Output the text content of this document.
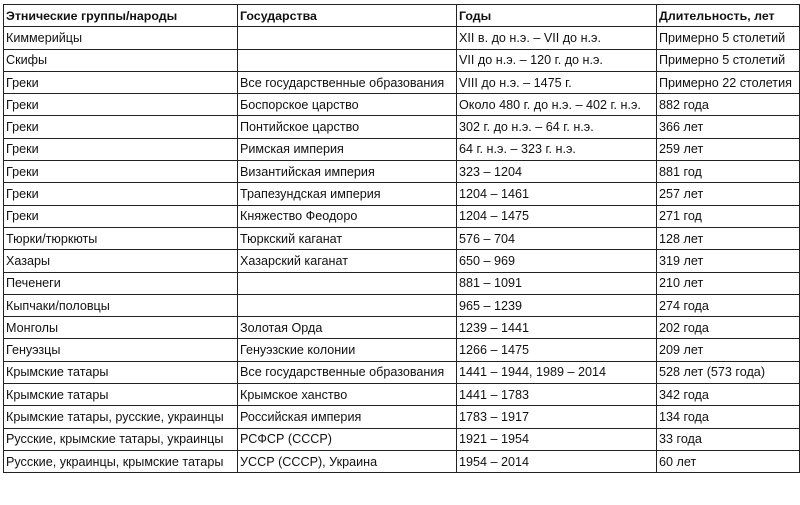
Этнические группы/народы	Государства	Годы	Длительность, лет
Киммерийцы		XII в. до н.э. – VII до н.э.	Примерно 5 столетий
Скифы		VII до н.э. – 120 г. до н.э.	Примерно 5 столетий
Греки	Все государственные образования	VIII до н.э. – 1475 г.	Примерно 22 столетия
Греки	Боспорское царство	Около 480 г. до н.э. – 402 г. н.э.	882 года
Греки	Понтийское царство	302 г. до н.э. – 64 г. н.э.	366 лет
Греки	Римская империя	64 г. н.э. – 323 г. н.э.	259 лет
Греки	Византийская империя	323 – 1204	881 год
Греки	Трапезундская империя	1204 – 1461	257 лет
Греки	Княжество Феодоро	1204 – 1475	271 год
Тюрки/тюркюты	Тюркский каганат	576 – 704	128 лет
Хазары	Хазарский каганат	650 – 969	319 лет
Печенеги		881 – 1091	210 лет
Кыпчаки/половцы		965 – 1239	274 года
Монголы	Золотая Орда	1239 – 1441	202 года
Генуэзцы	Генуэзские колонии	1266 – 1475	209 лет
Крымские татары	Все государственные образования	1441 – 1944, 1989 – 2014	528 лет (573 года)
Крымские татары	Крымское ханство	1441 – 1783	342 года
Крымские татары, русские, украинцы	Российская империя	1783 – 1917	134 года
Русские, крымские татары, украинцы	РСФСР (СССР)	1921 – 1954	33 года
Русские, украинцы, крымские татары	УССР (СССР), Украина	1954 – 2014	60 лет
